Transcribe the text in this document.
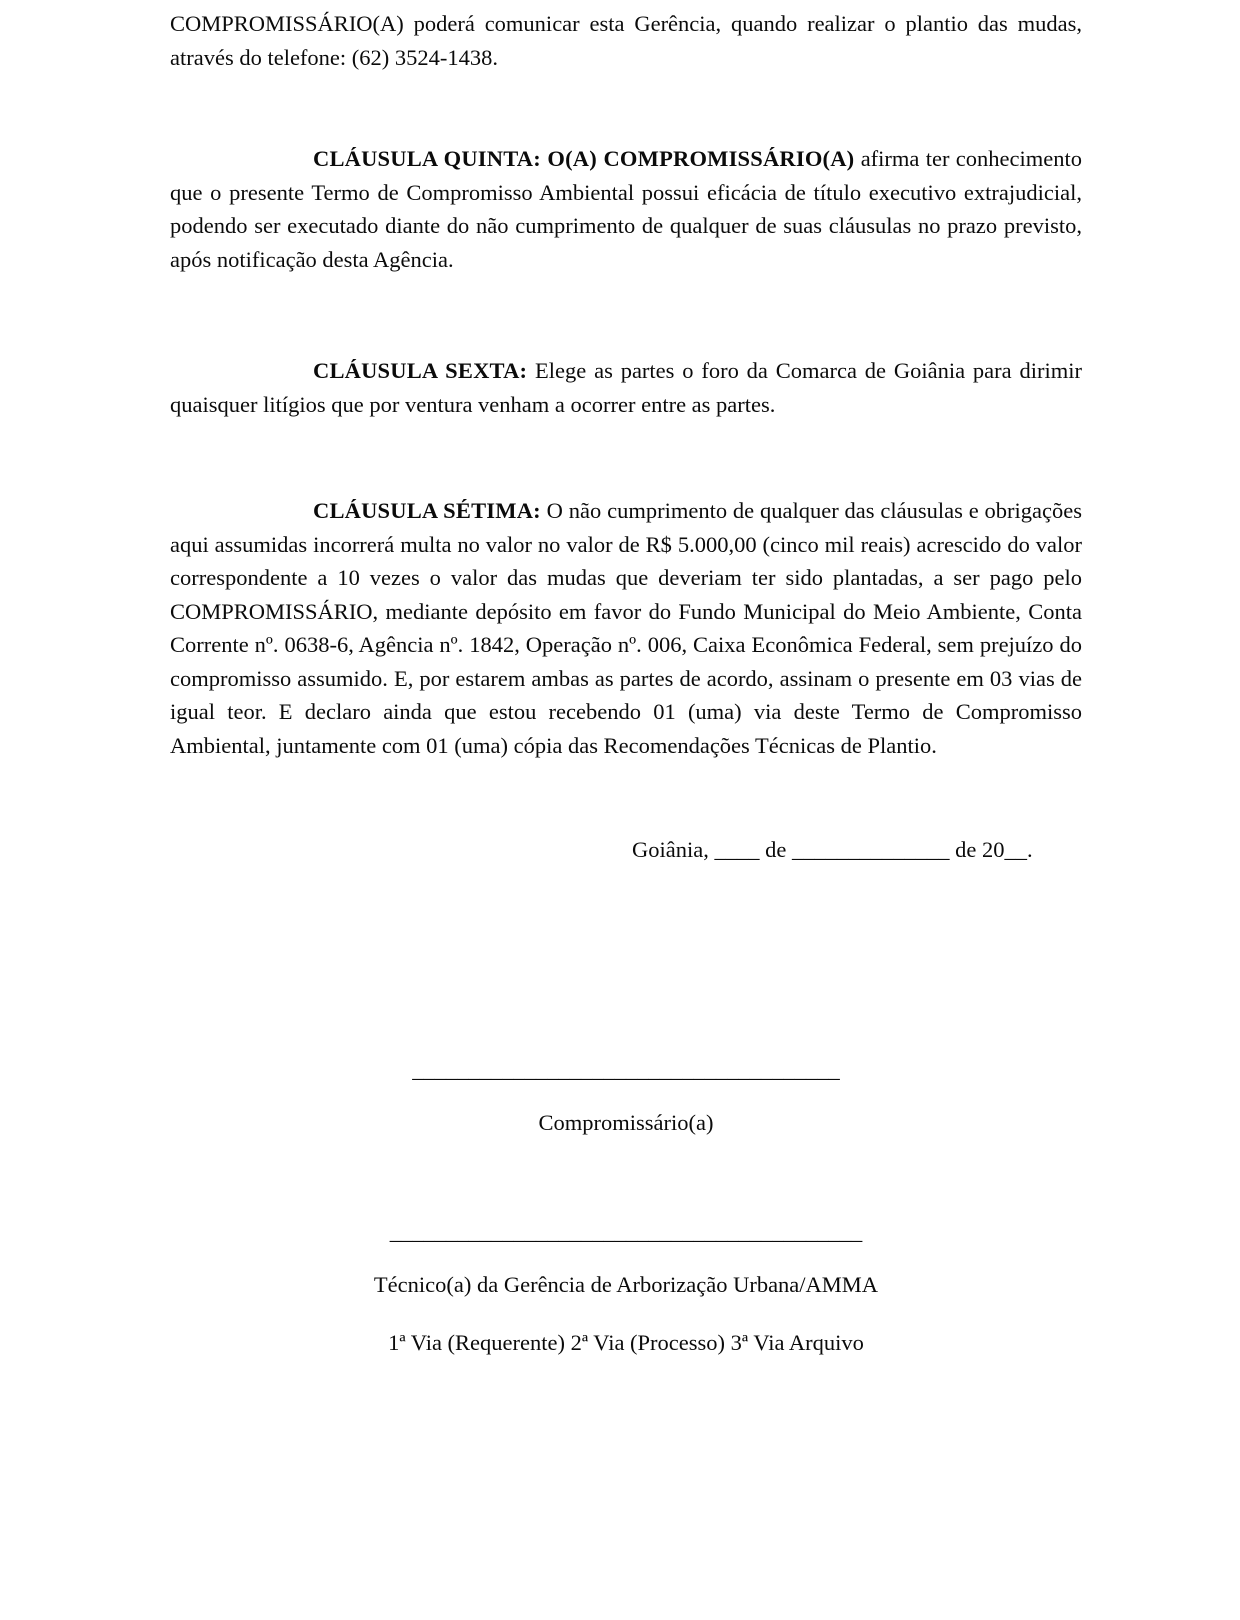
COMPROMISSÁRIO(A) poderá comunicar esta Gerência, quando realizar o plantio das mudas, através do telefone: (62) 3524-1438.

CLÁUSULA QUINTA: O(A) COMPROMISSÁRIO(A) afirma ter conhecimento que o presente Termo de Compromisso Ambiental possui eficácia de título executivo extrajudicial, podendo ser executado diante do não cumprimento de qualquer de suas cláusulas no prazo previsto, após notificação desta Agência.

CLÁUSULA SEXTA: Elege as partes o foro da Comarca de Goiânia para dirimir quaisquer litígios que por ventura venham a ocorrer entre as partes.

CLÁUSULA SÉTIMA: O não cumprimento de qualquer das cláusulas e obrigações aqui assumidas incorrerá multa no valor no valor de R$ 5.000,00 (cinco mil reais) acrescido do valor correspondente a 10 vezes o valor das mudas que deveriam ter sido plantadas, a ser pago pelo COMPROMISSÁRIO, mediante depósito em favor do Fundo Municipal do Meio Ambiente, Conta Corrente nº. 0638-6, Agência nº. 1842, Operação nº. 006, Caixa Econômica Federal, sem prejuízo do compromisso assumido. E, por estarem ambas as partes de acordo, assinam o presente em 03 vias de igual teor. E declaro ainda que estou recebendo 01 (uma) via deste Termo de Compromisso Ambiental, juntamente com 01 (uma) cópia das Recomendações Técnicas de Plantio.

Goiânia, ____ de ______________ de 20__.

______________________________________

Compromissário(a)

__________________________________________

Técnico(a) da Gerência de Arborização Urbana/AMMA

1ª Via (Requerente) 2ª Via (Processo) 3ª Via Arquivo
